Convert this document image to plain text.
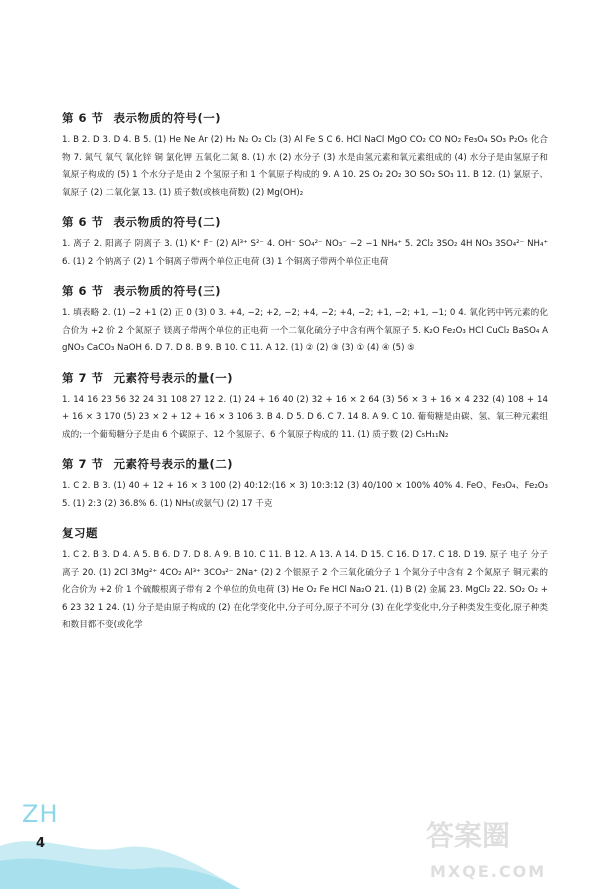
第 6 节 表示物质的符号(一)

1. B 2. D 3. D 4. B 5. (1) He Ne Ar (2) H₂ N₂ O₂ Cl₂ (3) Al Fe S C 6. HCl NaCl MgO CO₂ CO NO₂ Fe₃O₄ SO₃ P₂O₅ 化合物 7. 氮气 氧气 氧化锌 铜 氯化钾 五氧化二氮 8. (1) 水 (2) 水分子 (3) 水是由氢元素和氧元素组成的 (4) 水分子是由氢原子和氧原子构成的 (5) 1 个水分子是由 2 个氢原子和 1 个氧原子构成的 9. A 10. 2S O₂ 2O₂ 3O SO₂ SO₃ 11. B 12. (1) 氯原子、氧原子 (2) 二氧化氯 13. (1) 质子数(或核电荷数) (2) Mg(OH)₂

第 6 节 表示物质的符号(二)

1. 离子 2. 阳离子 阴离子 3. (1) K⁺ F⁻ (2) Al³⁺ S²⁻ 4. OH⁻ SO₄²⁻ NO₃⁻ −2 −1 NH₄⁺ 5. 2Cl₂ 3SO₂ 4H NO₃ 3SO₄²⁻ NH₄⁺ 6. (1) 2 个钠离子 (2) 1 个铜离子带两个单位正电荷 (3) 1 个铜离子带两个单位正电荷

第 6 节 表示物质的符号(三)

1. 填表略 2. (1) −2 +1 (2) 正 0 (3) 0 3. +4, −2; +2, −2; +4, −2; +4, −2; +1, −2; +1, −1; 0 4. 氧化钙中钙元素的化合价为 +2 价 2 个氮原子 镁离子带两个单位的正电荷 一个二氧化硫分子中含有两个氧原子 5. K₂O Fe₂O₃ HCl CuCl₂ BaSO₄ AgNO₃ CaCO₃ NaOH 6. D 7. D 8. B 9. B 10. C 11. A 12. (1) ② (2) ③ (3) ① (4) ④ (5) ⑤

第 7 节 元素符号表示的量(一)

1. 14 16 23 56 32 24 31 108 27 12 2. (1) 24 + 16 40 (2) 32 + 16 × 2 64 (3) 56 × 3 + 16 × 4 232 (4) 108 + 14 + 16 × 3 170 (5) 23 × 2 + 12 + 16 × 3 106 3. B 4. D 5. D 6. C 7. 14 8. A 9. C 10. 葡萄糖是由碳、氢、氧三种元素组成的;一个葡萄糖分子是由 6 个碳原子、12 个氢原子、6 个氧原子构成的 11. (1) 质子数 (2) C₅H₁₁N₂

第 7 节 元素符号表示的量(二)

1. C 2. B 3. (1) 40 + 12 + 16 × 3 100 (2) 40:12:(16 × 3) 10:3:12 (3) 40/100 × 100% 40% 4. FeO、Fe₃O₄、Fe₂O₃ 5. (1) 2:3 (2) 36.8% 6. (1) NH₃(或氨气) (2) 17 千克

复习题

1. C 2. B 3. D 4. A 5. B 6. D 7. D 8. A 9. B 10. C 11. B 12. A 13. A 14. D 15. C 16. D 17. C 18. D 19. 原子 电子 分子 离子 20. (1) 2Cl 3Mg²⁺ 4CO₂ Al³⁺ 3CO₃²⁻ 2Na⁺ (2) 2 个银原子 2 个三氧化硫分子 1 个氮分子中含有 2 个氮原子 铜元素的化合价为 +2 价 1 个硫酸根离子带有 2 个单位的负电荷 (3) He O₂ Fe HCl Na₂O 21. (1) B (2) 金属 23. MgCl₂ 22. SO₂ O₂ +6 23 32 1 24. (1) 分子是由原子构成的 (2) 在化学变化中,分子可分,原子不可分 (3) 在化学变化中,分子种类发生变化,原子种类和数目都不变(或化学

ZH
4	答案圈
MXQE.COM
